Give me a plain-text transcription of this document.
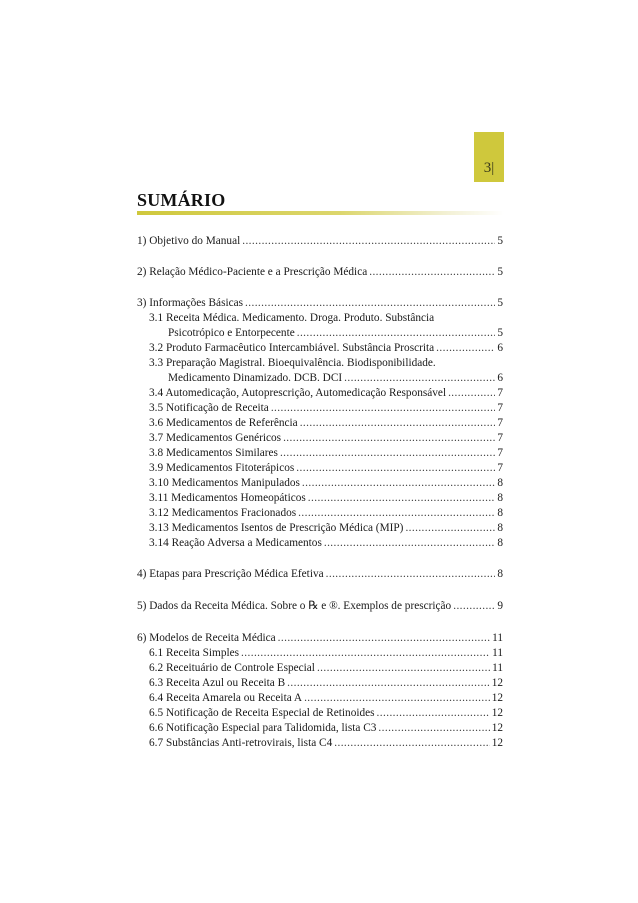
3|
SUMÁRIO
1) Objetivo do Manual .....	5
2) Relação Médico-Paciente e a Prescrição Médica .....	5
3) Informações Básicas .....	5
3.1 Receita Médica. Medicamento. Droga. Produto. Substância
Psicotrópico e Entorpecente .....	5
3.2 Produto Farmacêutico Intercambiável. Substância Proscrita .....	6
3.3 Preparação Magistral. Bioequivalência. Biodisponibilidade.
Medicamento Dinamizado. DCB. DCI .....	6
3.4 Automedicação, Autoprescrição, Automedicação Responsável .....	7
3.5 Notificação de Receita .....	7
3.6 Medicamentos de Referência .....	7
3.7 Medicamentos Genéricos .....	7
3.8 Medicamentos Similares .....	7
3.9 Medicamentos Fitoterápicos .....	7
3.10 Medicamentos Manipulados .....	8
3.11 Medicamentos Homeopáticos .....	8
3.12 Medicamentos Fracionados .....	8
3.13 Medicamentos Isentos de Prescrição Médica (MIP) .....	8
3.14 Reação Adversa a Medicamentos .....	8
4) Etapas para Prescrição Médica Efetiva .....	8
5) Dados da Receita Médica. Sobre o ℞ e ®. Exemplos de prescrição .....	9
6) Modelos de Receita Médica .....	11
6.1 Receita Simples .....	11
6.2 Receituário de Controle Especial .....	11
6.3 Receita Azul ou Receita B .....	12
6.4 Receita Amarela ou Receita A .....	12
6.5 Notificação de Receita Especial de Retinoides .....	12
6.6 Notificação Especial para Talidomida, lista C3 .....	12
6.7 Substâncias Anti-retrovirais, lista C4 .....	12
